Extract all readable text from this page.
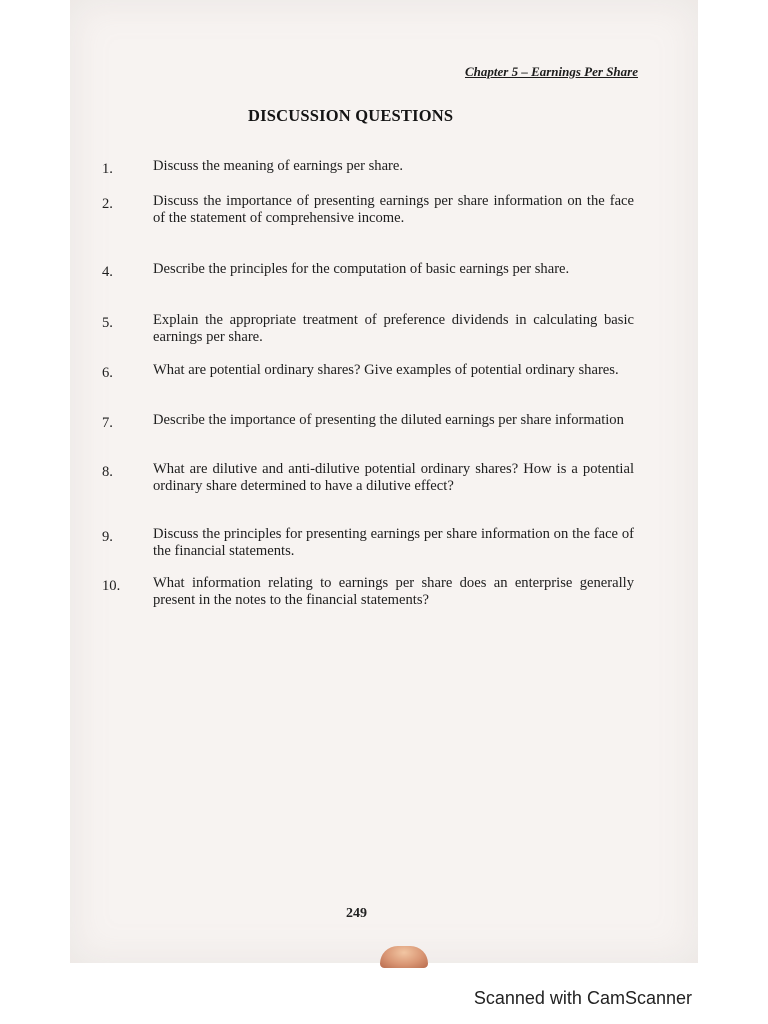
Chapter 5 – Earnings Per Share
DISCUSSION QUESTIONS
1.	Discuss the meaning of earnings per share.
2.	Discuss the importance of presenting earnings per share information on the face of the statement of comprehensive income.
4.	Describe the principles for the computation of basic earnings per share.
5.	Explain the appropriate treatment of preference dividends in calculating basic earnings per share.
6.	What are potential ordinary shares? Give examples of potential ordinary shares.
7.	Describe the importance of presenting the diluted earnings per share information
8.	What are dilutive and anti-dilutive potential ordinary shares? How is a potential ordinary share determined to have a dilutive effect?
9.	Discuss the principles for presenting earnings per share information on the face of the financial statements.
10. What information relating to earnings per share does an enterprise generally present in the notes to the financial statements?
249
Scanned with CamScanner
